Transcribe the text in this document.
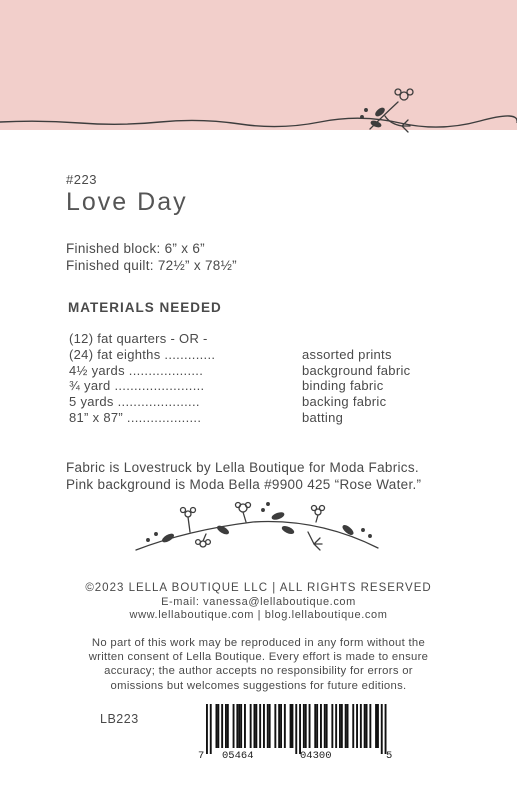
#223
Love Day
Finished block: 6” x 6”
Finished quilt: 72½” x 78½”
MATERIALS NEEDED
(12) fat quarters - OR -
(24) fat eighths .............	assorted prints
4½ yards ...................	background fabric
¾ yard .......................	binding fabric
5 yards .....................	backing fabric
81” x 87” ...................	batting
Fabric is Lovestruck by Lella Boutique for Moda Fabrics.
Pink background is Moda Bella #9900 425 “Rose Water.”
©2023 LELLA BOUTIQUE LLC | ALL RIGHTS RESERVED
E-mail: vanessa@lellaboutique.com
www.lellaboutique.com | blog.lellaboutique.com
No part of this work may be reproduced in any form without the
written consent of Lella Boutique. Every effort is made to ensure
accuracy; the author accepts no responsibility for errors or
omissions but welcomes suggestions for future editions.
LB223
7 05464	04300	5
